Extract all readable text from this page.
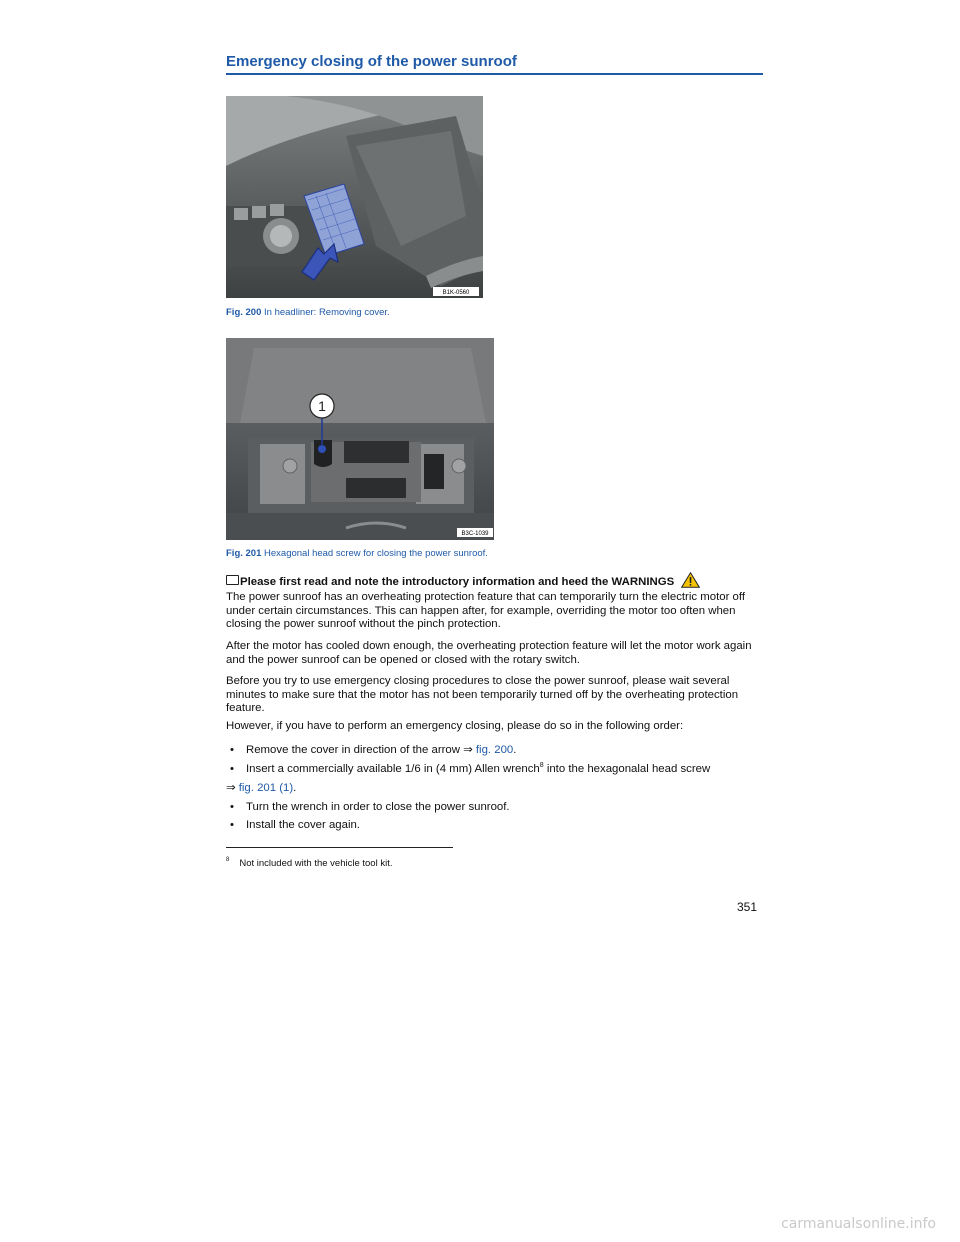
Emergency closing of the power sunroof
B1K-0560
Fig. 200 In headliner: Removing cover.
1
B3C-1039
Fig. 201 Hexagonal head screw for closing the power sunroof.
Please first read and note the introductory information and heed the WARNINGS
The power sunroof has an overheating protection feature that can temporarily turn the electric motor off under certain circumstances. This can happen after, for example, overriding the motor too often when closing the power sunroof without the pinch protection.
After the motor has cooled down enough, the overheating protection feature will let the motor work again and the power sunroof can be opened or closed with the rotary switch.
Before you try to use emergency closing procedures to close the power sunroof, please wait several minutes to make sure that the motor has not been temporarily turned off by the overheating protection feature.
However, if you have to perform an emergency closing, please do so in the following order:
• Remove the cover in direction of the arrow ⇒ fig. 200.
• Insert a commercially available 1/6 in (4 mm) Allen wrench$^8$ into the hexagonalal head screw
⇒ fig. 201 (1).
• Turn the wrench in order to close the power sunroof.
• Install the cover again.
$^8$ Not included with the vehicle tool kit.
351
carmanualsonline.info
